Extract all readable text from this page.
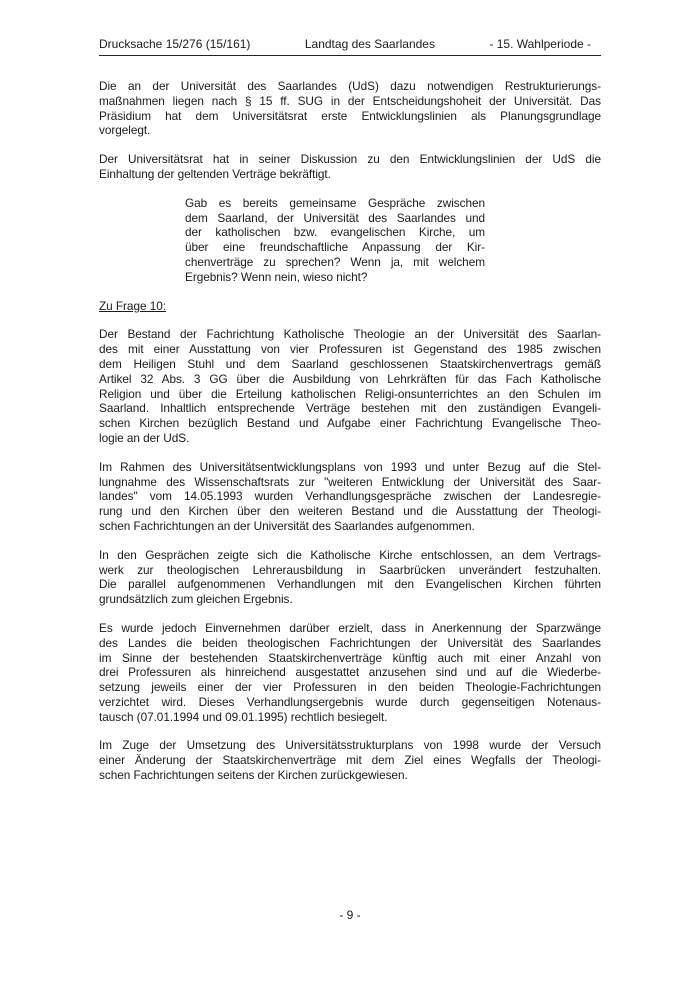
Drucksache 15/276 (15/161)	Landtag des Saarlandes	- 15. Wahlperiode -
Die an der Universität des Saarlandes (UdS) dazu notwendigen Restrukturierungs-
maßnahmen liegen nach § 15 ff. SUG in der Entscheidungshoheit der Universität. Das
Präsidium hat dem Universitätsrat erste Entwicklungslinien als Planungsgrundlage
vorgelegt.
Der Universitätsrat hat in seiner Diskussion zu den Entwicklungslinien der UdS die
Einhaltung der geltenden Verträge bekräftigt.
Gab es bereits gemeinsame Gespräche zwischen
dem Saarland, der Universität des Saarlandes und
der katholischen bzw. evangelischen Kirche, um
über eine freundschaftliche Anpassung der Kir-
chenverträge zu sprechen? Wenn ja, mit welchem
Ergebnis? Wenn nein, wieso nicht?
Zu Frage 10:
Der Bestand der Fachrichtung Katholische Theologie an der Universität des Saarlan-
des mit einer Ausstattung von vier Professuren ist Gegenstand des 1985 zwischen
dem Heiligen Stuhl und dem Saarland geschlossenen Staatskirchenvertrags gemäß
Artikel 32 Abs. 3 GG über die Ausbildung von Lehrkräften für das Fach Katholische
Religion und über die Erteilung katholischen Religi-onsunterrichtes an den Schulen im
Saarland. Inhaltlich entsprechende Verträge bestehen mit den zuständigen Evangeli-
schen Kirchen bezüglich Bestand und Aufgabe einer Fachrichtung Evangelische Theo-
logie an der UdS.
Im Rahmen des Universitätsentwicklungsplans von 1993 und unter Bezug auf die Stel-
lungnahme des Wissenschaftsrats zur "weiteren Entwicklung der Universität des Saar-
landes" vom 14.05.1993 wurden Verhandlungsgespräche zwischen der Landesregie-
rung und den Kirchen über den weiteren Bestand und die Ausstattung der Theologi-
schen Fachrichtungen an der Universität des Saarlandes aufgenommen.
In den Gesprächen zeigte sich die Katholische Kirche entschlossen, an dem Vertrags-
werk zur theologischen Lehrerausbildung in Saarbrücken unverändert festzuhalten.
Die parallel aufgenommenen Verhandlungen mit den Evangelischen Kirchen führten
grundsätzlich zum gleichen Ergebnis.
Es wurde jedoch Einvernehmen darüber erzielt, dass in Anerkennung der Sparzwänge
des Landes die beiden theologischen Fachrichtungen der Universität des Saarlandes
im Sinne der bestehenden Staatskirchenverträge künftig auch mit einer Anzahl von
drei Professuren als hinreichend ausgestattet anzusehen sind und auf die Wiederbe-
setzung jeweils einer der vier Professuren in den beiden Theologie-Fachrichtungen
verzichtet wird. Dieses Verhandlungsergebnis wurde durch gegenseitigen Notenaus-
tausch (07.01.1994 und 09.01.1995) rechtlich besiegelt.
Im Zuge der Umsetzung des Universitätsstrukturplans von 1998 wurde der Versuch
einer Änderung der Staatskirchenverträge mit dem Ziel eines Wegfalls der Theologi-
schen Fachrichtungen seitens der Kirchen zurückgewiesen.
- 9 -
